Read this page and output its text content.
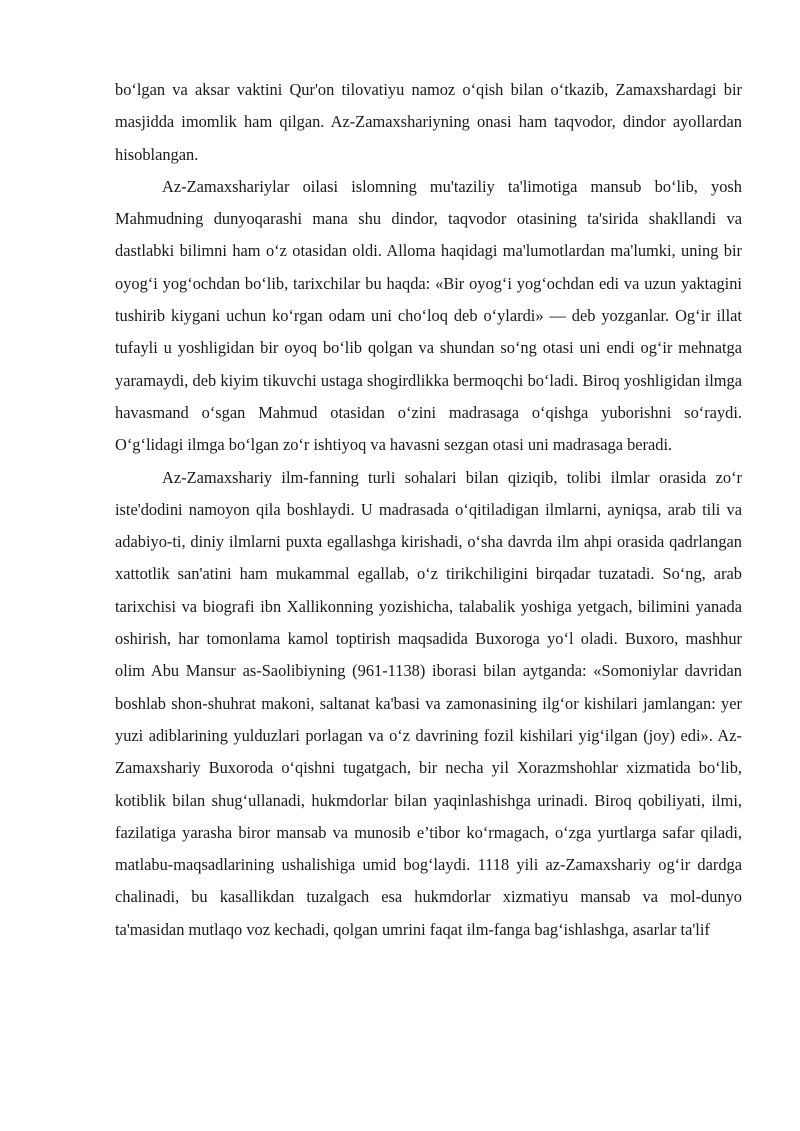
boʻlgan va aksar vaktini Qur'on tilovatiyu namoz oʻqish bilan oʻtkazib, Zamaxshardagi bir masjidda imomlik ham qilgan. Az-Zamaxshariyning onasi ham taqvodor, dindor ayollardan hisoblangan.

Az-Zamaxshariylar oilasi islomning mu'taziliy ta'limotiga mansub boʻlib, yosh Mahmudning dunyoqarashi mana shu dindor, taqvodor otasining ta'sirida shakllandi va dastlabki bilimni ham oʻz otasidan oldi. Alloma haqidagi ma'lumotlardan ma'lumki, uning bir oyogʻi yogʻochdan boʻlib, tarixchilar bu haqda: «Bir oyogʻi yogʻochdan edi va uzun yaktagini tushirib kiygani uchun koʻrgan odam uni choʻloq deb oʻylardi» — deb yozganlar. Ogʻir illat tufayli u yoshligidan bir oyoq boʻlib qolgan va shundan soʻng otasi uni endi ogʻir mehnatga yaramaydi, deb kiyim tikuvchi ustaga shogirdlikka bermoqchi boʻladi. Biroq yoshligidan ilmga havasmand oʻsgan Mahmud otasidan oʻzini madrasaga oʻqishga yuborishni soʻraydi. Oʻgʻlidagi ilmga boʻlgan zoʻr ishtiyoq va havasni sezgan otasi uni madrasaga beradi.

Az-Zamaxshariy ilm-fanning turli sohalari bilan qiziqib, tolibi ilmlar orasida zoʻr iste'dodini namoyon qila boshlaydi. U madrasada oʻqitiladigan ilmlarni, ayniqsa, arab tili va adabiyo-ti, diniy ilmlarni puxta egallashga kirishadi, oʻsha davrda ilm ahpi orasida qadrlangan xattotlik san'atini ham mukammal egallab, oʻz tirikchiligini birqadar tuzatadi. Soʻng, arab tarixchisi va biografi ibn Xallikonning yozishicha, talabalik yoshiga yetgach, bilimini yanada oshirish, har tomonlama kamol toptirish maqsadida Buxoroga yoʻl oladi. Buxoro, mashhur olim Abu Mansur as-Saolibiyning (961-1138) iborasi bilan aytganda: «Somoniylar davridan boshlab shon-shuhrat makoni, saltanat ka'basi va zamonasining ilgʻor kishilari jamlangan: yer yuzi adiblarining yulduzlari porlagan va oʻz davrining fozil kishilari yigʻilgan (joy) edi». Az-Zamaxshariy Buxoroda oʻqishni tugatgach, bir necha yil Xorazmshohlar xizmatida boʻlib, kotiblik bilan shugʻullanadi, hukmdorlar bilan yaqinlashishga urinadi. Biroq qobiliyati, ilmi, fazilatiga yarasha biror mansab va munosib e’tibor koʻrmagach, oʻzga yurtlarga safar qiladi, matlabu-maqsadlarining ushalishiga umid bogʻlaydi. 1118 yili az-Zamaxshariy ogʻir dardga chalinadi, bu kasallikdan tuzalgach esa hukmdorlar xizmatiyu mansab va mol-dunyo ta'masidan mutlaqo voz kechadi, qolgan umrini faqat ilm-fanga bagʻishlashga, asarlar ta'lif
